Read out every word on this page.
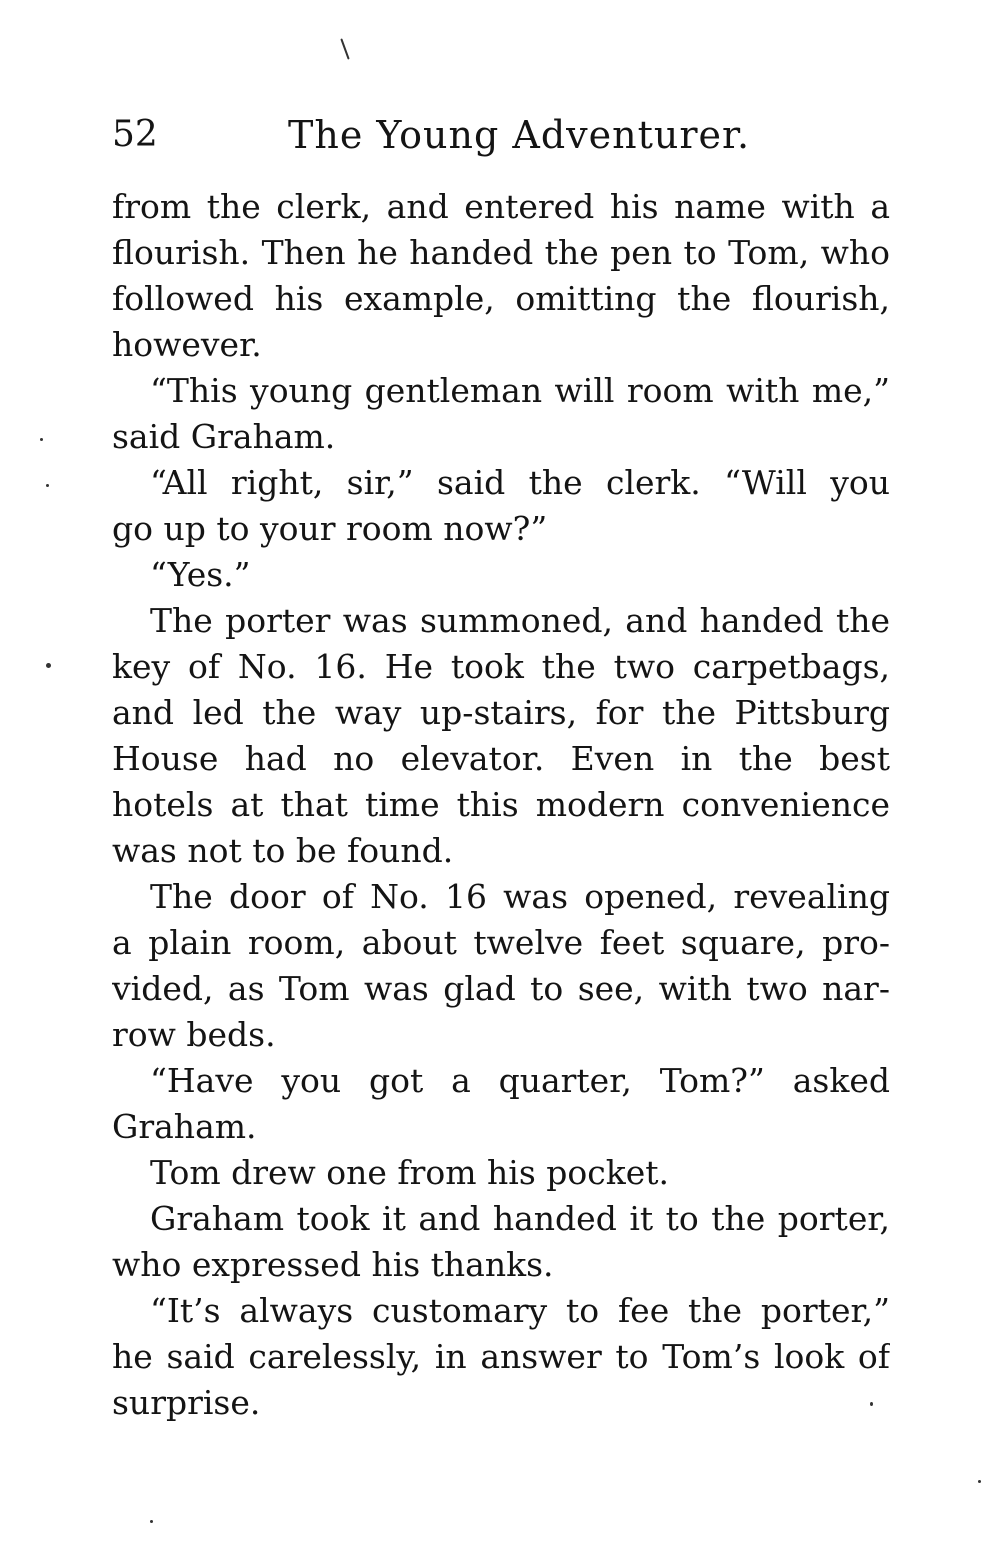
52	The Young Adventurer.
from the clerk, and entered his name with a
flourish. Then he handed the pen to Tom, who
followed his example, omitting the flourish,
however.
“This young gentleman will room with me,”
said Graham.
“All right, sir,” said the clerk. “Will you
go up to your room now?”
“Yes.”
The porter was summoned, and handed the
key of No. 16. He took the two carpetbags,
and led the way up-stairs, for the Pittsburg
House had no elevator. Even in the best
hotels at that time this modern convenience
was not to be found.
The door of No. 16 was opened, revealing
a plain room, about twelve feet square, pro-
vided, as Tom was glad to see, with two nar-
row beds.
“Have you got a quarter, Tom?” asked
Graham.
Tom drew one from his pocket.
Graham took it and handed it to the porter,
who expressed his thanks.
“It’s always customary to fee the porter,”
he said carelessly, in answer to Tom’s look of
surprise.
